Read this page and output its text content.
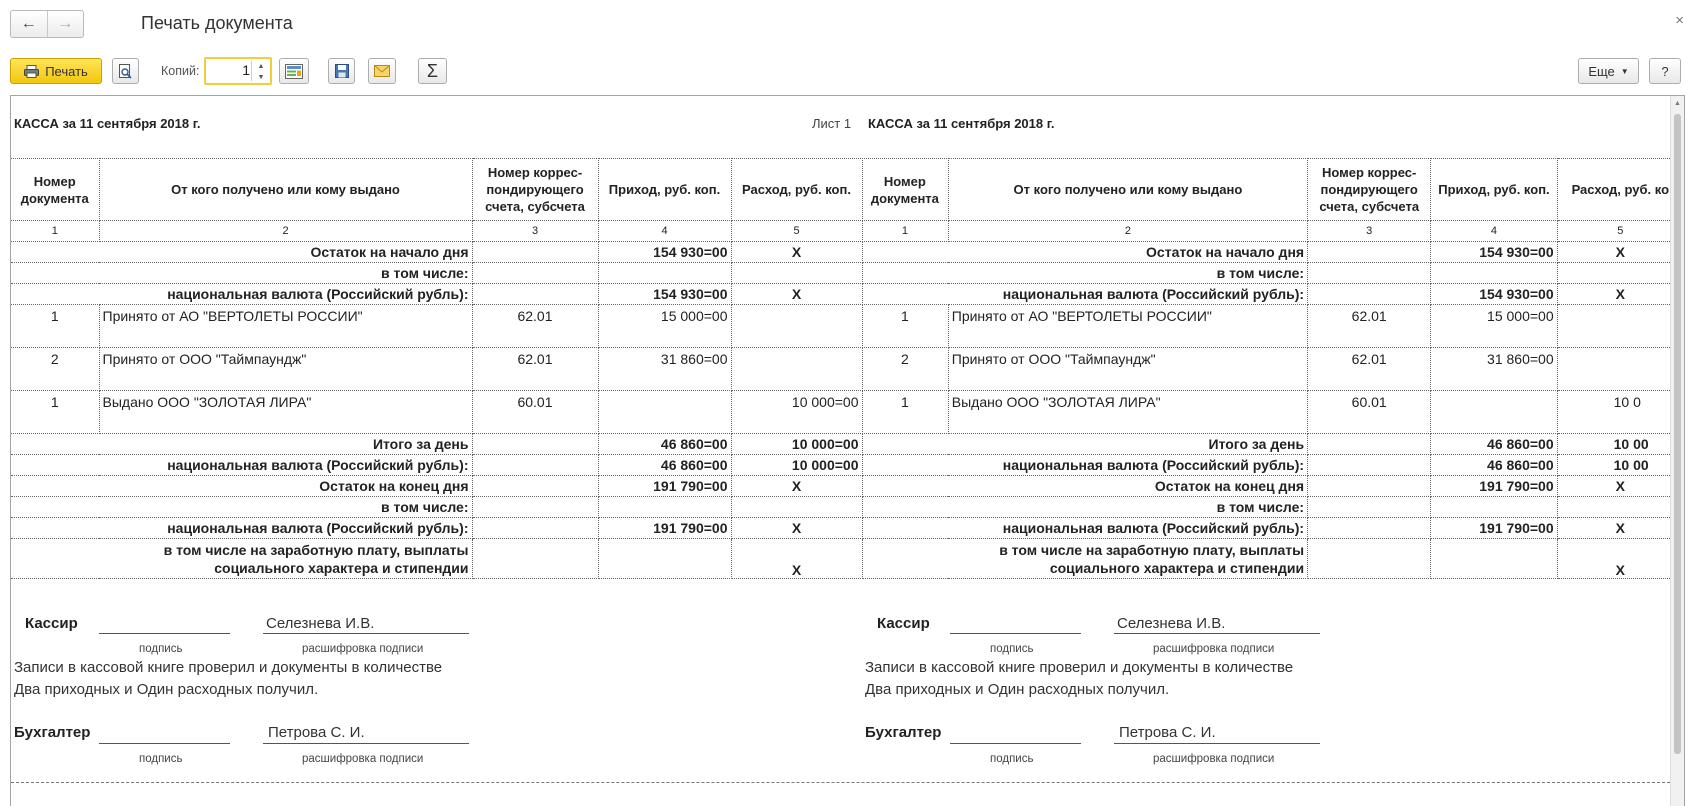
← →	Печать документа	×
Печать	Копий:	1	▲
▼	Σ	Еще ▼	?
КАССА за 11 сентября 2018 г.	Лист 1 КАССА за 11 сентября 2018 г.
Номер документа	От кого получено или кому выдано	Номер коррес-пондирующего счета, субсчета	Приход, руб. коп.	Расход, руб. коп.
1	2	3	4	5
Остаток на начало дня			154 930=00	X
в том числе:				
национальная валюта (Российский рубль):			154 930=00	X
1	Принято от АО "ВЕРТОЛЕТЫ РОССИИ"	62.01	15 000=00	
2	Принято от ООО "Таймпаундж"	62.01	31 860=00	
1	Выдано ООО "ЗОЛОТАЯ ЛИРА"	60.01		10 000=00
Итого за день			46 860=00	10 000=00
национальная валюта (Российский рубль):			46 860=00	10 000=00
Остаток на конец дня			191 790=00	X
в том числе:				
национальная валюта (Российский рубль):			191 790=00	X

в том числе на заработную плату, выплаты
социального характера и стипендии				X
Номер документа	От кого получено или кому выдано	Номер коррес-пондирующего счета, субсчета	Приход, руб. коп.	Расход, руб. ко
1	2	3	4	5
Остаток на начало дня			154 930=00	X
в том числе:				
национальная валюта (Российский рубль):			154 930=00	X
1	Принято от АО "ВЕРТОЛЕТЫ РОССИИ"	62.01	15 000=00	
2	Принято от ООО "Таймпаундж"	62.01	31 860=00	
1	Выдано ООО "ЗОЛОТАЯ ЛИРА"	60.01		10 0
Итого за день			46 860=00	10 00
национальная валюта (Российский рубль):			46 860=00	10 00
Остаток на конец дня			191 790=00	X
в том числе:				
национальная валюта (Российский рубль):			191 790=00	X

в том числе на заработную плату, выплаты
социального характера и стипендии				X
Кассир	Селезнева И.В.
подпись	расшифровка подписи
Записи в кассовой книге проверил и документы в количестве
Два приходных и Один расходных получил.
Бухгалтер	Петрова С. И.
подпись	расшифровка подписи
Кассир	Селезнева И.В.
подпись	расшифровка подписи
Записи в кассовой книге проверил и документы в количестве
Два приходных и Один расходных получил.
Бухгалтер	Петрова С. И.
подпись	расшифровка подписи
▲
